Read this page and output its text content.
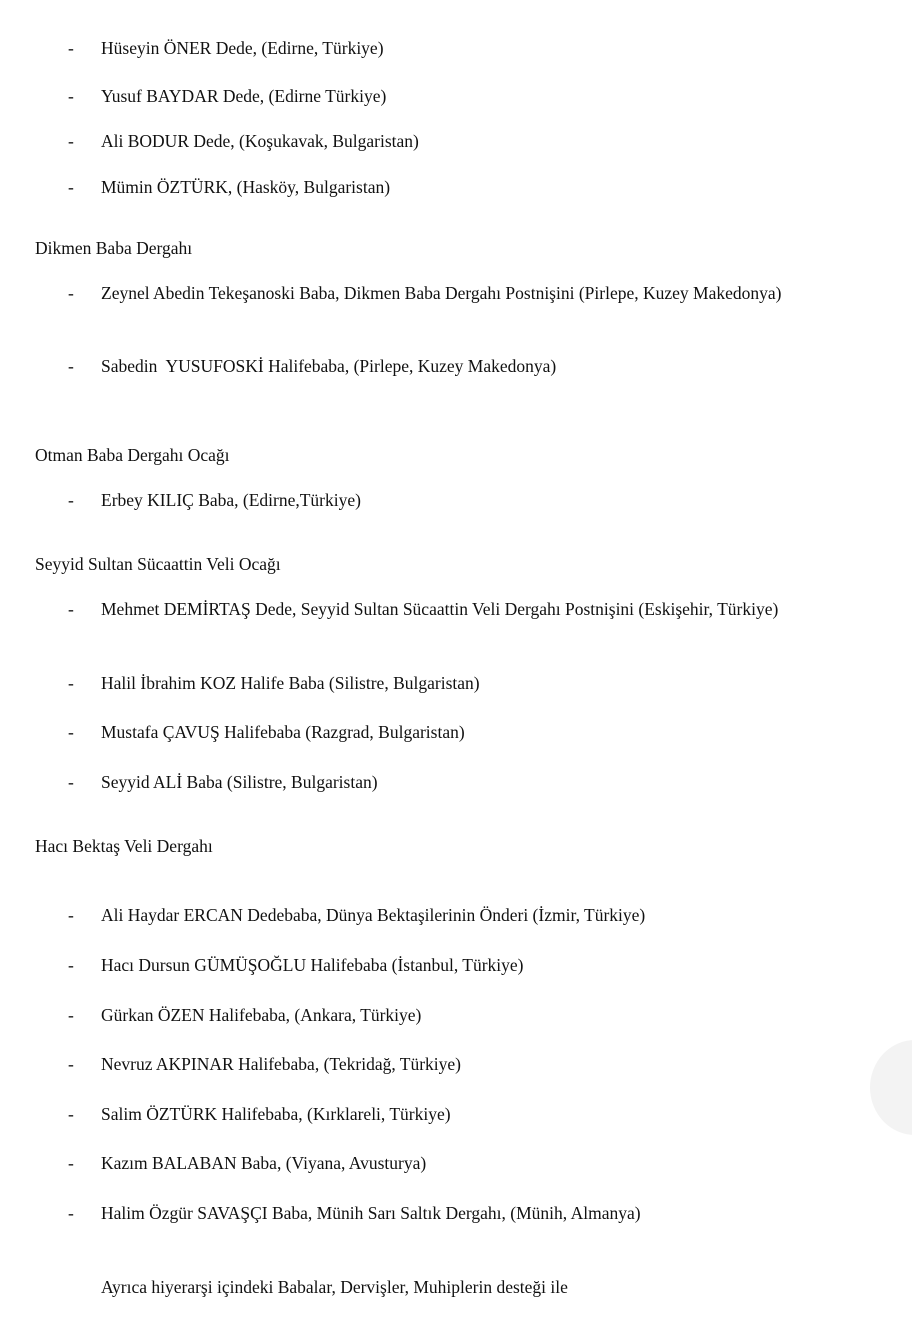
- Hüseyin ÖNER Dede, (Edirne, Türkiye)
- Yusuf BAYDAR Dede, (Edirne Türkiye)
- Ali BODUR Dede, (Koşukavak, Bulgaristan)
- Mümin ÖZTÜRK, (Hasköy, Bulgaristan)
Dikmen Baba Dergahı
- Zeynel Abedin Tekeşanoski Baba, Dikmen Baba Dergahı Postnişini (Pirlepe, Kuzey Makedonya)
- Sabedin  YUSUFOSKİ Halifebaba, (Pirlepe, Kuzey Makedonya)
Otman Baba Dergahı Ocağı
- Erbey KILIÇ Baba, (Edirne,Türkiye)
Seyyid Sultan Sücaattin Veli Ocağı
- Mehmet DEMİRTAŞ Dede, Seyyid Sultan Sücaattin Veli Dergahı Postnişini (Eskişehir, Türkiye)
- Halil İbrahim KOZ Halife Baba (Silistre, Bulgaristan)
- Mustafa ÇAVUŞ Halifebaba (Razgrad, Bulgaristan)
- Seyyid ALİ Baba (Silistre, Bulgaristan)
Hacı Bektaş Veli Dergahı
- Ali Haydar ERCAN Dedebaba, Dünya Bektaşilerinin Önderi (İzmir, Türkiye)
- Hacı Dursun GÜMÜŞOĞLU Halifebaba (İstanbul, Türkiye)
- Gürkan ÖZEN Halifebaba, (Ankara, Türkiye)
- Nevruz AKPINAR Halifebaba, (Tekridağ, Türkiye)
- Salim ÖZTÜRK Halifebaba, (Kırklareli, Türkiye)
- Kazım BALABAN Baba, (Viyana, Avusturya)
- Halim Özgür SAVAŞÇI Baba, Münih Sarı Saltık Dergahı, (Münih, Almanya)
Ayrıca hiyerarşi içindeki Babalar, Dervişler, Muhiplerin desteği ile
